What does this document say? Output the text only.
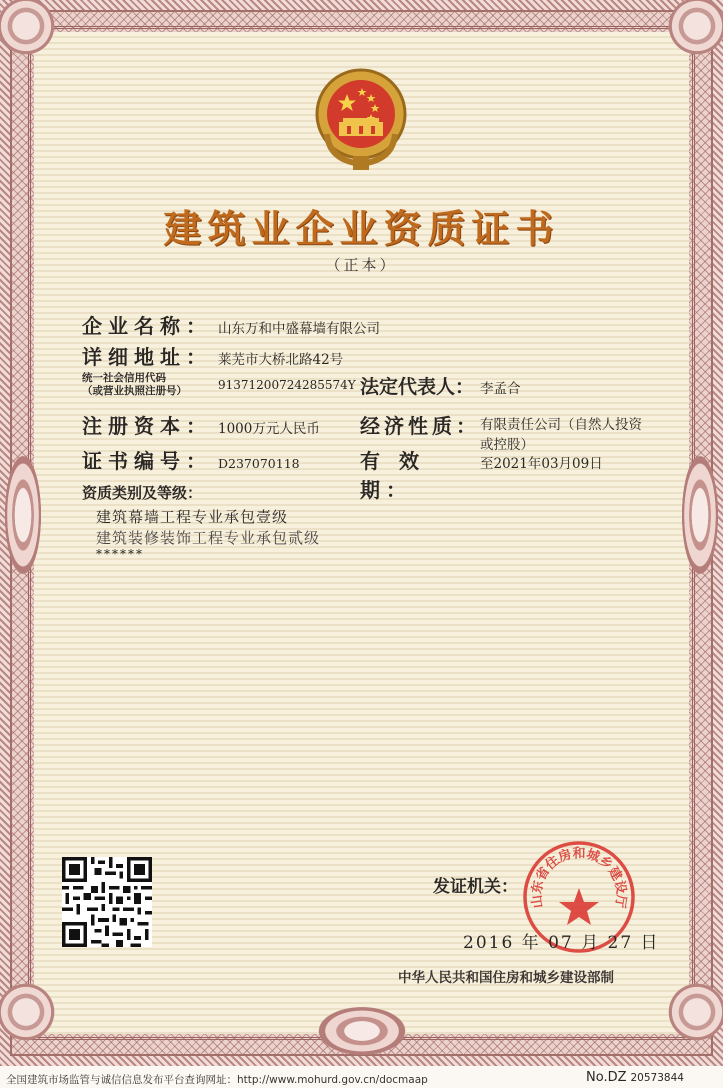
建筑业企业资质证书
（正本）
企业名称： 山东万和中盛幕墙有限公司
详细地址： 莱芜市大桥北路42号
统一社会信用代码
（或营业执照注册号）	91371200724285574Y 法定代表人： 李孟合
注册资本： 1000万元人民币 经济性质： 有限责任公司（自然人投资
或控股）
证书编号： D237070118	有 效 期：
至2021年03月09日
资质类别及等级：
建筑幕墙工程专业承包壹级
建筑装修装饰工程专业承包贰级
******
发证机关：
山东省住房和城乡建设厅
2016 年 07 月 27 日
中华人民共和国住房和城乡建设部制
全国建筑市场监管与诚信信息发布平台查询网址：http://www.mohurd.gov.cn/docmaap	No.DZ 20573844
